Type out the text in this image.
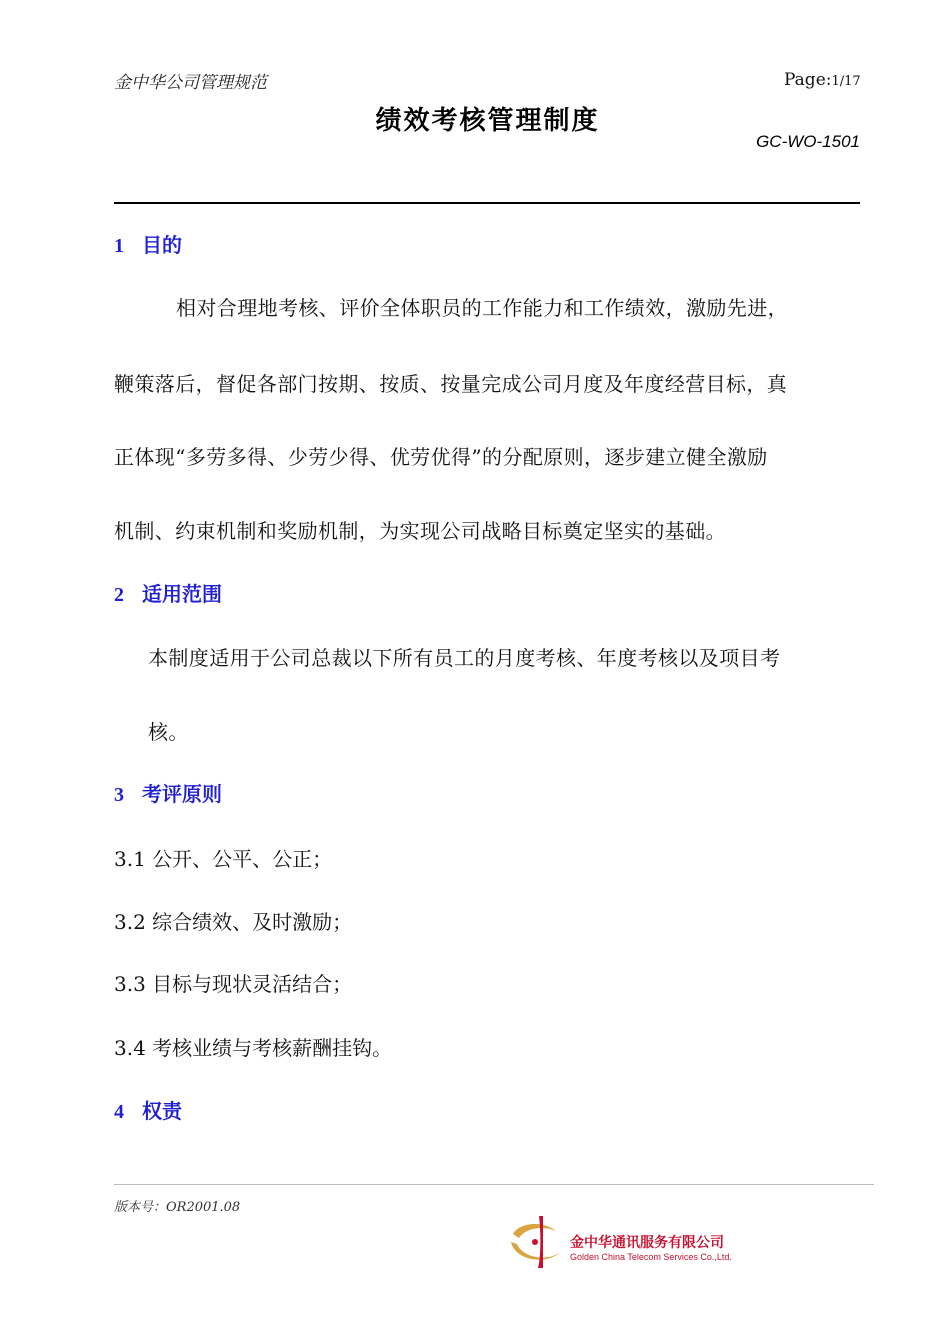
金中华公司管理规范	Page:1/17
绩效考核管理制度
GC-WO-1501
1 目的
相对合理地考核、评价全体职员的工作能力和工作绩效，激励先进，
鞭策落后，督促各部门按期、按质、按量完成公司月度及年度经营目标，真
正体现“多劳多得、少劳少得、优劳优得”的分配原则，逐步建立健全激励
机制、约束机制和奖励机制，为实现公司战略目标奠定坚实的基础。
2 适用范围
本制度适用于公司总裁以下所有员工的月度考核、年度考核以及项目考
核。
3 考评原则
3.1 公开、公平、公正；
3.2 综合绩效、及时激励；
3.3 目标与现状灵活结合；
3.4 考核业绩与考核薪酬挂钩。
4 权责
版本号：OR2001.08
金中华通讯服务有限公司
Golden China Telecom Services Co.,Ltd.
